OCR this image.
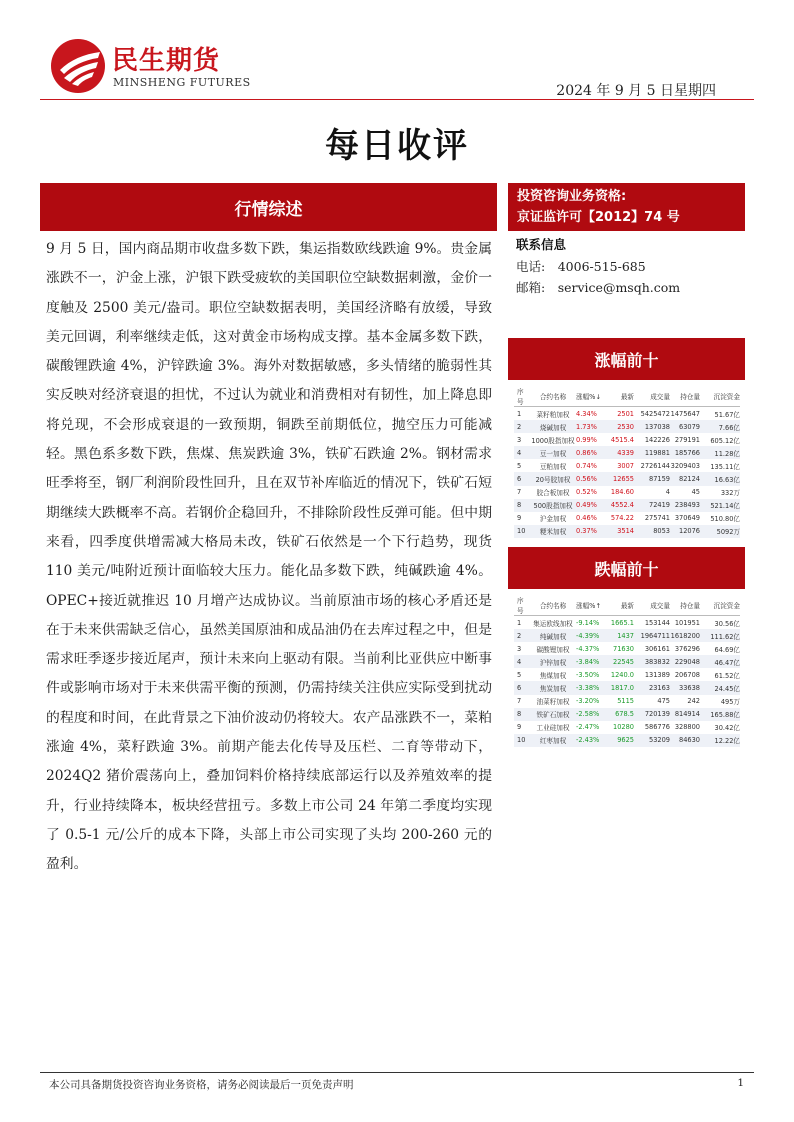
民生期货
MINSHENG FUTURES
2024 年 9 月 5 日星期四
每日收评
行情综述
9 月 5 日，国内商品期市收盘多数下跌，集运指数欧线跌逾 9%。贵金属涨跌不一，沪金上涨，沪银下跌受疲软的美国职位空缺数据刺激，金价一度触及 2500 美元/盎司。职位空缺数据表明，美国经济略有放缓，导致美元回调，利率继续走低，这对黄金市场构成支撑。基本金属多数下跌，碳酸锂跌逾 4%，沪锌跌逾 3%。海外对数据敏感，多头情绪的脆弱性其实反映对经济衰退的担忧，不过认为就业和消费相对有韧性，加上降息即将兑现，不会形成衰退的一致预期，铜跌至前期低位，抛空压力可能减轻。黑色系多数下跌，焦煤、焦炭跌逾 3%，铁矿石跌逾 2%。钢材需求旺季将至，钢厂利润阶段性回升，且在双节补库临近的情况下，铁矿石短期继续大跌概率不高。若钢价企稳回升，不排除阶段性反弹可能。但中期来看，四季度供增需减大格局未改，铁矿石依然是一个下行趋势，现货 110 美元/吨附近预计面临较大压力。能化品多数下跌，纯碱跌逾 4%。OPEC+接近就推迟 10 月增产达成协议。当前原油市场的核心矛盾还是在于未来供需缺乏信心，虽然美国原油和成品油仍在去库过程之中，但是需求旺季逐步接近尾声，预计未来向上驱动有限。当前利比亚供应中断事件或影响市场对于未来供需平衡的预测，仍需持续关注供应实际受到扰动的程度和时间，在此背景之下油价波动仍将较大。农产品涨跌不一，菜粕涨逾 4%，菜籽跌逾 3%。前期产能去化传导及压栏、二育等带动下，2024Q2 猪价震荡向上，叠加饲料价格持续底部运行以及养殖效率的提升，行业持续降本，板块经营扭亏。多数上市公司 24 年第二季度均实现了 0.5-1 元/公斤的成本下降，头部上市公司实现了头均 200-260 元的盈利。
投资咨询业务资格:
京证监许可【2012】74 号
联系信息
电话:　4006-515-685
邮箱:　service@msqh.com
涨幅前十
序号	合约名称	涨幅%↓	最新	成交量	持仓量	沉淀资金
1	菜籽粕加权	4.34%	2501	5425472	1475647	51.67亿
2	烧碱加权	1.73%	2530	137038	63079	7.66亿
3	1000股指加权	0.99%	4515.4	142226	279191	605.12亿
4	豆一加权	0.86%	4339	119881	185766	11.28亿
5	豆粕加权	0.74%	3007	2726144	3209403	135.11亿
6	20号胶加权	0.56%	12655	87159	82124	16.63亿
7	胶合板加权	0.52%	184.60	4	45	332万
8	500股指加权	0.49%	4552.4	72419	238493	521.14亿
9	沪金加权	0.46%	574.22	275741	370649	510.80亿
10	粳米加权	0.37%	3514	8053	12076	5092万
跌幅前十
序号	合约名称	涨幅%↑	最新	成交量	持仓量	沉淀资金
1	集运欧线加权	-9.14%	1665.1	153144	101951	30.56亿
2	纯碱加权	-4.39%	1437	1964711	1618200	111.62亿
3	碳酸锂加权	-4.37%	71630	306161	376296	64.69亿
4	沪锌加权	-3.84%	22545	383832	229048	46.47亿
5	焦煤加权	-3.50%	1240.0	131389	206708	61.52亿
6	焦炭加权	-3.38%	1817.0	23163	33638	24.45亿
7	油菜籽加权	-3.20%	5115	475	242	495万
8	铁矿石加权	-2.58%	678.5	720139	814914	165.88亿
9	工业硅加权	-2.47%	10280	586776	328800	30.42亿
10	红枣加权	-2.43%	9625	53209	84630	12.22亿
本公司具备期货投资咨询业务资格，请务必阅读最后一页免责声明	1
